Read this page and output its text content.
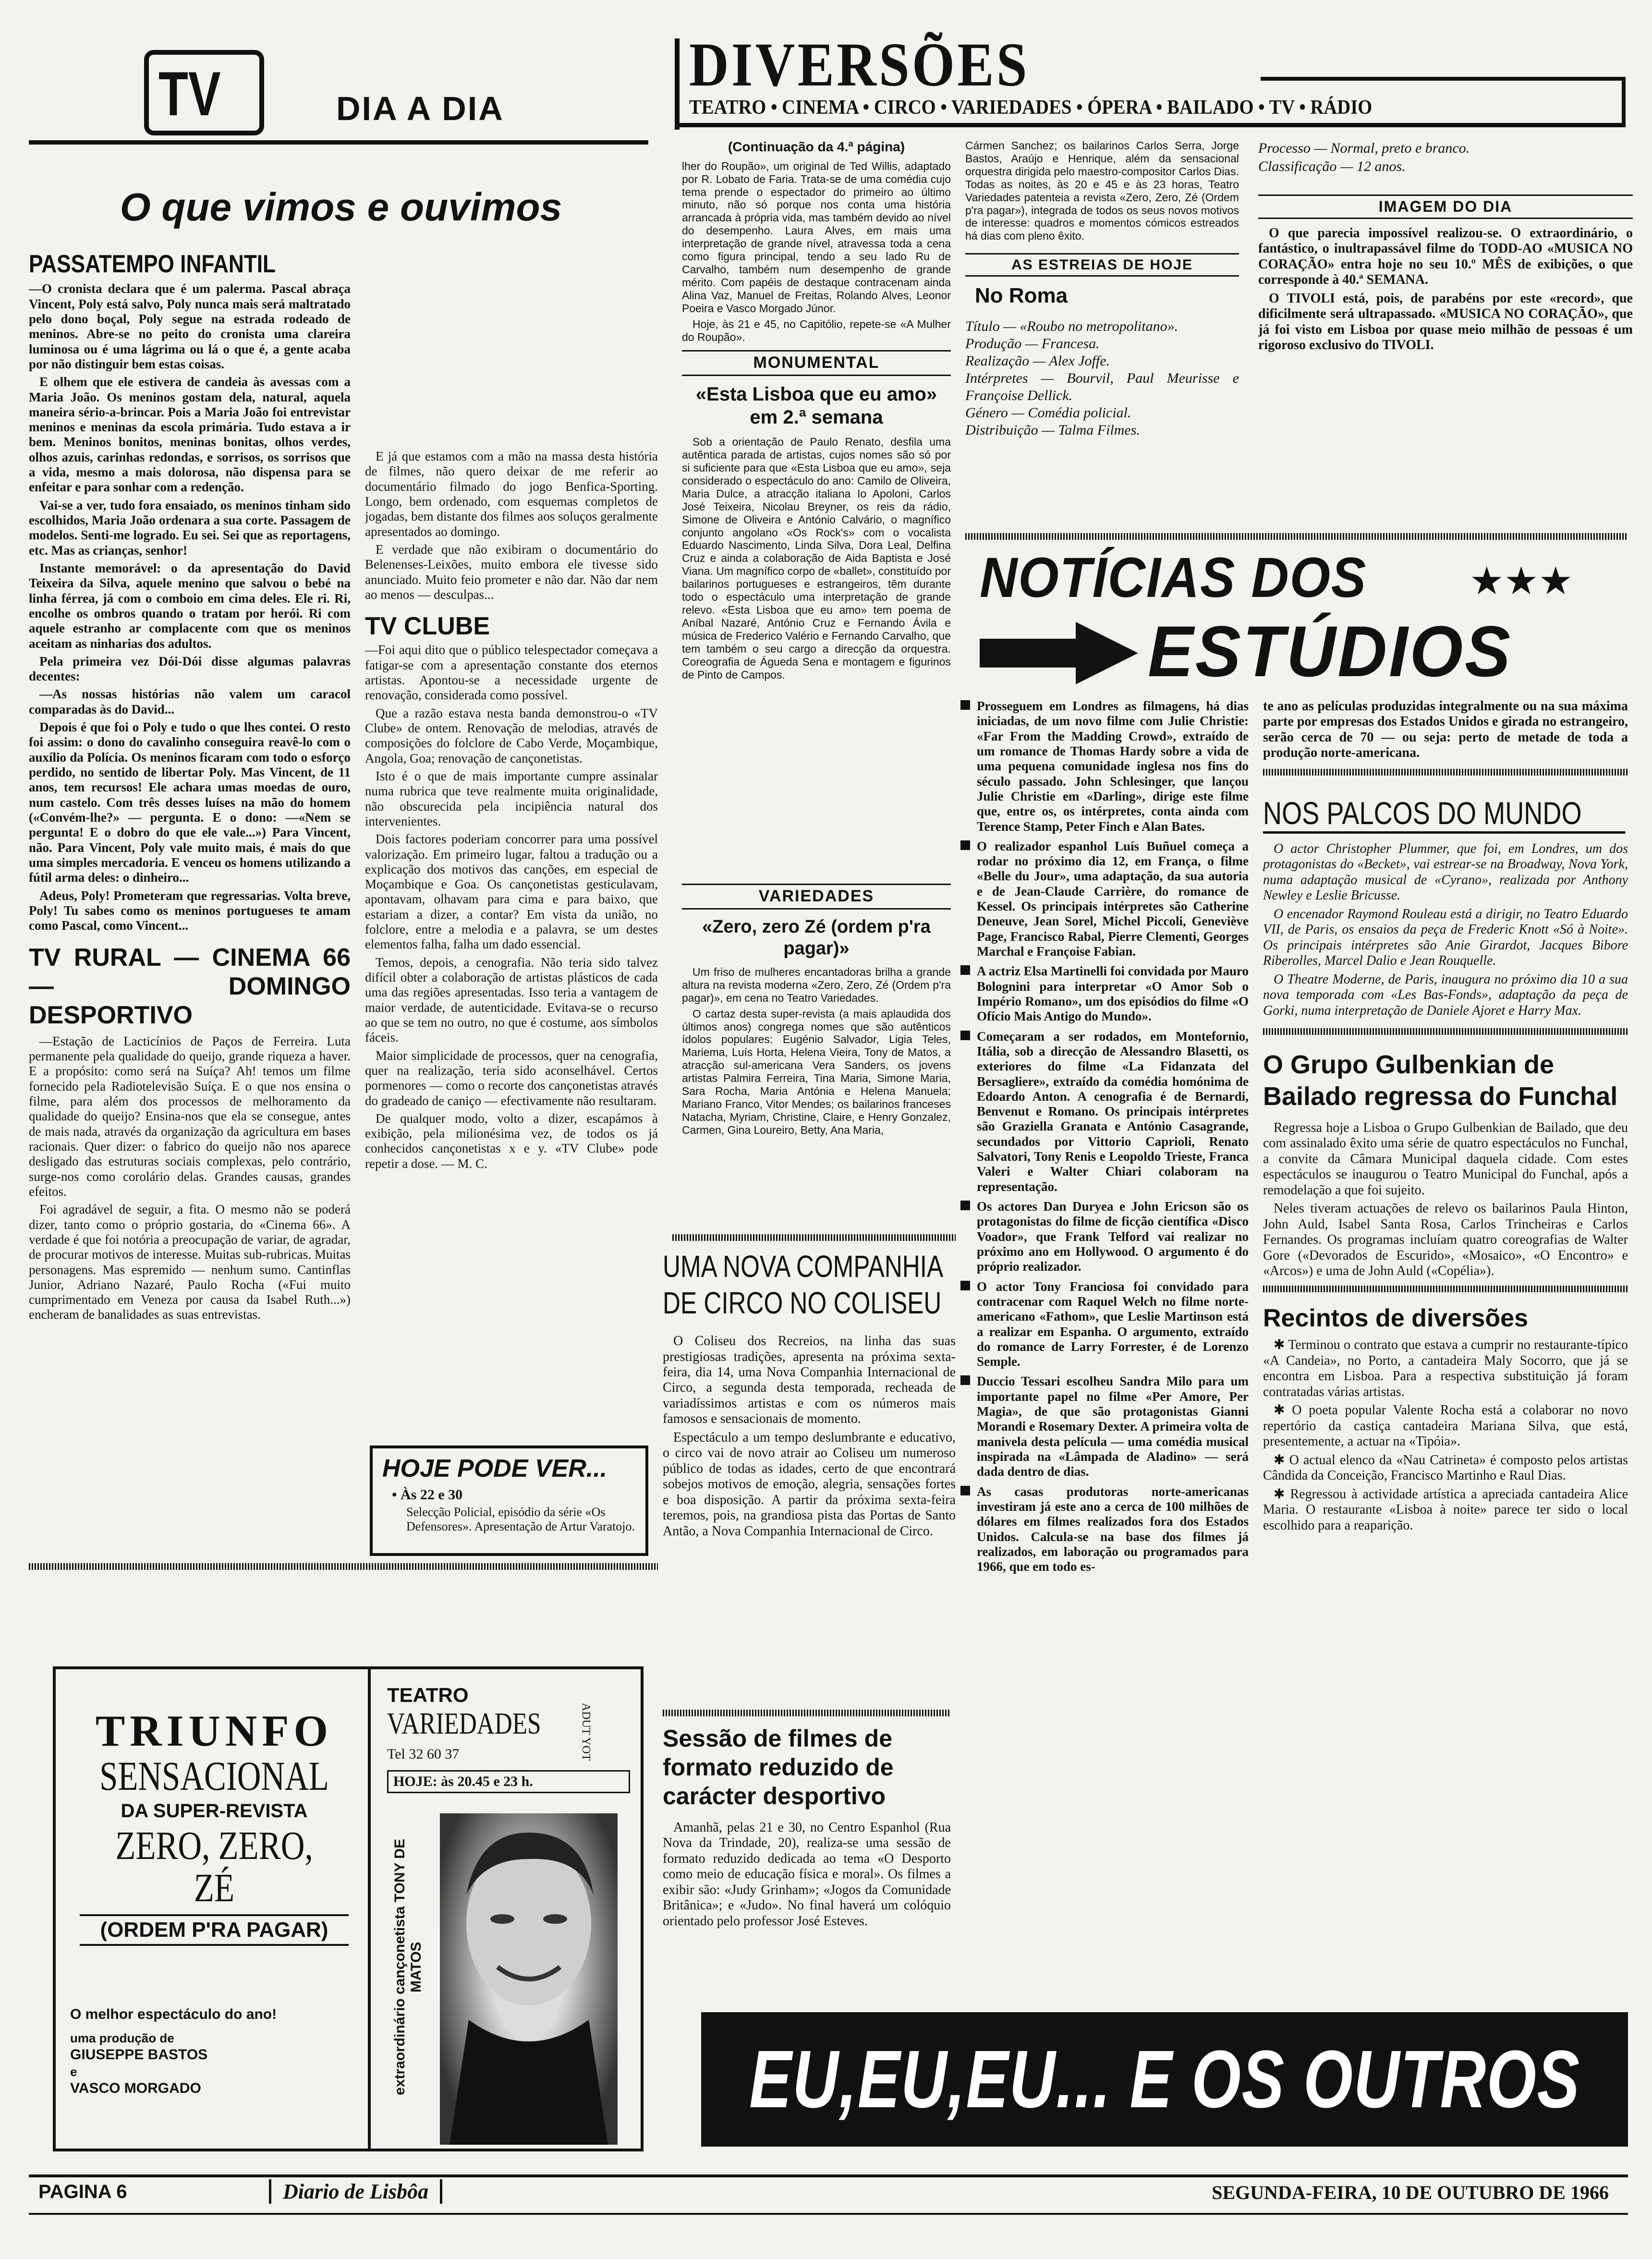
TV	DIA A DIA
O que vimos e ouvimos
PASSATEMPO INFANTIL

—O cronista declara que é um palerma. Pascal abraça Vincent, Poly está salvo, Poly nunca mais será maltratado pelo dono boçal, Poly segue na estrada rodeado de meninos. Abre-se no peito do cronista uma clareira luminosa ou é uma lágrima ou lá o que é, a gente acaba por não distinguir bem estas coisas.

E olhem que ele estivera de candeia às avessas com a Maria João. Os meninos gostam dela, natural, aquela maneira sério-a-brincar. Pois a Maria João foi entrevistar meninos e meninas da escola primária. Tudo estava a ir bem. Meninos bonitos, meninas bonitas, olhos verdes, olhos azuis, carinhas redondas, e sorrisos, os sorrisos que a vida, mesmo a mais dolorosa, não dispensa para se enfeitar e para sonhar com a redenção.

Vai-se a ver, tudo fora ensaiado, os meninos tinham sido escolhidos, Maria João ordenara a sua corte. Passagem de modelos. Senti-me logrado. Eu sei. Sei que as reportagens, etc. Mas as crianças, senhor!

Instante memorável: o da apresentação do David Teixeira da Silva, aquele menino que salvou o bebé na linha férrea, já com o comboio em cima deles. Ele ri. Ri, encolhe os ombros quando o tratam por herói. Ri com aquele estranho ar complacente com que os meninos aceitam as ninharias dos adultos.

Pela primeira vez Dói-Dói disse algumas palavras decentes:

—As nossas histórias não valem um caracol comparadas às do David...

Depois é que foi o Poly e tudo o que lhes contei. O resto foi assim: o dono do cavalinho conseguira reavê-lo com o auxílio da Polícia. Os meninos ficaram com todo o esforço perdido, no sentido de libertar Poly. Mas Vincent, de 11 anos, tem recursos! Ele achara umas moedas de ouro, num castelo. Com três desses luíses na mão do homem («Convém-lhe?» — pergunta. E o dono: —«Nem se pergunta! E o dobro do que ele vale...») Para Vincent, não. Para Vincent, Poly vale muito mais, é mais do que uma simples mercadoria. E venceu os homens utilizando a fútil arma deles: o dinheiro...

Adeus, Poly! Prometeram que regressarias. Volta breve, Poly! Tu sabes como os meninos portugueses te amam como Pascal, como Vincent...

TV RURAL — CINEMA 66 — DOMINGO DESPORTIVO

—Estação de Lacticínios de Paços de Ferreira. Luta permanente pela qualidade do queijo, grande riqueza a haver. E a propósito: como será na Suíça? Ah! temos um filme fornecido pela Radiotelevisão Suíça. E o que nos ensina o filme, para além dos processos de melhoramento da qualidade do queijo? Ensina-nos que ela se consegue, antes de mais nada, através da organização da agricultura em bases racionais. Quer dizer: o fabrico do queijo não nos aparece desligado das estruturas sociais complexas, pelo contrário, surge-nos como corolário delas. Grandes causas, grandes efeitos.

Foi agradável de seguir, a fita. O mesmo não se poderá dizer, tanto como o próprio gostaria, do «Cinema 66». A verdade é que foi notória a preocupação de variar, de agradar, de procurar motivos de interesse. Muitas sub-rubricas. Muitas personagens. Mas espremido — nenhum sumo. Cantinflas Junior, Adriano Nazaré, Paulo Rocha («Fui muito cumprimentado em Veneza por causa da Isabel Ruth...») encheram de banalidades as suas entrevistas.

E já que estamos com a mão na massa desta história de filmes, não quero deixar de me referir ao documentário filmado do jogo Benfica-Sporting. Longo, bem ordenado, com esquemas completos de jogadas, bem distante dos filmes aos soluços geralmente apresentados ao domingo.

E verdade que não exibiram o documentário do Belenenses-Leixões, muito embora ele tivesse sido anunciado. Muito feio prometer e não dar. Não dar nem ao menos — desculpas...

TV CLUBE

—Foi aqui dito que o público telespectador começava a fatigar-se com a apresentação constante dos eternos artistas. Apontou-se a necessidade urgente de renovação, considerada como possível.

Que a razão estava nesta banda demonstrou-o «TV Clube» de ontem. Renovação de melodias, através de composições do folclore de Cabo Verde, Moçambique, Angola, Goa; renovação de cançonetistas.

Isto é o que de mais importante cumpre assinalar numa rubrica que teve realmente muita originalidade, não obscurecida pela incipiência natural dos intervenientes.

Dois factores poderiam concorrer para uma possível valorização. Em primeiro lugar, faltou a tradução ou a explicação dos motivos das canções, em especial de Moçambique e Goa. Os cançonetistas gesticulavam, apontavam, olhavam para cima e para baixo, que estariam a dizer, a contar? Em vista da união, no folclore, entre a melodia e a palavra, se um destes elementos falha, falha um dado essencial.

Temos, depois, a cenografia. Não teria sido talvez difícil obter a colaboração de artistas plásticos de cada uma das regiões apresentadas. Isso teria a vantagem de maior verdade, de autenticidade. Evitava-se o recurso ao que se tem no outro, no que é costume, aos símbolos fáceis.

Maior simplicidade de processos, quer na cenografia, quer na realização, teria sido aconselhável. Certos pormenores — como o recorte dos cançonetistas através do gradeado de caniço — efectivamente não resultaram.

De qualquer modo, volto a dizer, escapámos à exibição, pela milionésima vez, de todos os já conhecidos cançonetistas x e y. «TV Clube» pode repetir a dose. — M. C.

HOJE PODE VER...
• Às 22 e 30
Selecção Policial, episódio da série «Os Defensores». Apresentação de Artur Varatojo.
TRIUNFO
SENSACIONAL
DA SUPER-REVISTA
ZERO, ZERO, ZÉ
(ORDEM P'RA PAGAR)
O melhor espectáculo do ano!
uma produção de
GIUSEPPE BASTOS
e
VASCO MORGADO
TEATRO
VARIEDADES
Tel 32 60 37
HOJE: às 20.45 e 23 h.
ADUT YOT
extraordinário cançonetista TONY DE MATOS
DIVERSÕES
TEATRO • CINEMA • CIRCO • VARIEDADES • ÓPERA • BAILADO • TV • RÁDIO
(Continuação da 4.ª página)

lher do Roupão», um original de Ted Willis, adaptado por R. Lobato de Faria. Trata-se de uma comédia cujo tema prende o espectador do primeiro ao último minuto, não só porque nos conta uma história arrancada à própria vida, mas também devido ao nível do desempenho. Laura Alves, em mais uma interpretação de grande nível, atravessa toda a cena como figura principal, tendo a seu lado Ru de Carvalho, também num desempenho de grande mérito. Com papéis de destaque contracenam ainda Alina Vaz, Manuel de Freitas, Rolando Alves, Leonor Poeira e Vasco Morgado Júnor.

Hoje, às 21 e 45, no Capitólio, repete-se «A Mulher do Roupão».

MONUMENTAL
«Esta Lisboa que eu amo» em 2.ª semana

Sob a orientação de Paulo Renato, desfila uma autêntica parada de artistas, cujos nomes são só por si suficiente para que «Esta Lisboa que eu amo», seja considerado o espectáculo do ano: Camilo de Oliveira, Maria Dulce, a atracção italiana Io Apoloni, Carlos José Teixeira, Nicolau Breyner, os reis da rádio, Simone de Oliveira e António Calvário, o magnífico conjunto angolano «Os Rock's» com o vocalista Eduardo Nascimento, Linda Silva, Dora Leal, Delfina Cruz e ainda a colaboração de Aida Baptista e José Viana. Um magnífico corpo de «ballet», constituído por bailarinos portugueses e estrangeiros, têm durante todo o espectáculo uma interpretação de grande relevo. «Esta Lisboa que eu amo» tem poema de Aníbal Nazaré, António Cruz e Fernando Ávila e música de Frederico Valério e Fernando Carvalho, que tem também o seu cargo a direcção da orquestra. Coreografia de Águeda Sena e montagem e figurinos de Pinto de Campos.

VARIEDADES
«Zero, zero Zé (ordem p'ra pagar)»

Um friso de mulheres encantadoras brilha a grande altura na revista moderna «Zero, Zero, Zé (Ordem p'ra pagar)», em cena no Teatro Variedades.

O cartaz desta super-revista (a mais aplaudida dos últimos anos) congrega nomes que são autênticos ídolos populares: Eugénio Salvador, Ligia Teles, Mariema, Luís Horta, Helena Vieira, Tony de Matos, a atracção sul-americana Vera Sanders, os jovens artistas Palmira Ferreira, Tina Maria, Simone Maria, Sara Rocha, Maria Antónia e Helena Manuela; Mariano Franco, Vitor Mendes; os bailarinos franceses Natacha, Myriam, Christine, Claire, e Henry Gonzalez, Carmen, Gina Loureiro, Betty, Ana Maria,

UMA NOVA COMPANHIA DE CIRCO NO COLISEU

O Coliseu dos Recreios, na linha das suas prestigiosas tradições, apresenta na próxima sexta-feira, dia 14, uma Nova Companhia Internacional de Circo, a segunda desta temporada, recheada de variadíssimos artistas e com os números mais famosos e sensacionais de momento.

Espectáculo a um tempo deslumbrante e educativo, o circo vai de novo atrair ao Coliseu um numeroso público de todas as idades, certo de que encontrará sobejos motivos de emoção, alegria, sensações fortes e boa disposição. A partir da próxima sexta-feira teremos, pois, na grandiosa pista das Portas de Santo Antão, a Nova Companhia Internacional de Circo.

Sessão de filmes de formato reduzido de carácter desportivo

Amanhã, pelas 21 e 30, no Centro Espanhol (Rua Nova da Trindade, 20), realiza-se uma sessão de formato reduzido dedicada ao tema «O Desporto como meio de educação física e moral». Os filmes a exibir são: «Judy Grinham»; «Jogos da Comunidade Britânica»; e «Judo». No final haverá um colóquio orientado pelo professor José Esteves.

Cármen Sanchez; os bailarinos Carlos Serra, Jorge Bastos, Araújo e Henrique, além da sensacional orquestra dirigida pelo maestro-compositor Carlos Dias. Todas as noites, às 20 e 45 e às 23 horas, Teatro Variedades patenteia a revista «Zero, Zero, Zé (Ordem p'ra pagar»), integrada de todos os seus novos motivos de interesse: quadros e momentos cómicos estreados há dias com pleno êxito.

AS ESTREIAS DE HOJE
No Roma
Título — «Roubo no metropolitano».
Produção — Francesa.
Realização — Alex Joffe.
Intérpretes — Bourvil, Paul Meurisse e Françoise Dellick.
Género — Comédia policial.
Distribuição — Talma Filmes.
Processo — Normal, preto e branco.
Classificação — 12 anos.
IMAGEM DO DIA

O que parecia impossível realizou-se. O extraordinário, o fantástico, o inultrapassável filme do TODD-AO «MUSICA NO CORAÇÃO» entra hoje no seu 10.º MÊS de exibições, o que corresponde à 40.ª SEMANA.

O TIVOLI está, pois, de parabéns por este «record», que dificilmente será ultrapassado. «MUSICA NO CORAÇÃO», que já foi visto em Lisboa por quase meio milhão de pessoas é um rigoroso exclusivo do TIVOLI.

NOTÍCIAS DOS	★★★
ESTÚDIOS

Prosseguem em Londres as filmagens, há dias iniciadas, de um novo filme com Julie Christie: «Far From the Madding Crowd», extraído de um romance de Thomas Hardy sobre a vida de uma pequena comunidade inglesa nos fins do século passado. John Schlesinger, que lançou Julie Christie em «Darling», dirige este filme que, entre os, os intérpretes, conta ainda com Terence Stamp, Peter Finch e Alan Bates.

O realizador espanhol Luís Buñuel começa a rodar no próximo dia 12, em França, o filme «Belle du Jour», uma adaptação, da sua autoria e de Jean-Claude Carrière, do romance de Kessel. Os principais intérpretes são Catherine Deneuve, Jean Sorel, Michel Piccoli, Geneviève Page, Francisco Rabal, Pierre Clementi, Georges Marchal e Françoise Fabian.

A actriz Elsa Martinelli foi convidada por Mauro Bolognini para interpretar «O Amor Sob o Império Romano», um dos episódios do filme «O Ofício Mais Antigo do Mundo».

Começaram a ser rodados, em Montefornio, Itália, sob a direcção de Alessandro Blasetti, os exteriores do filme «La Fidanzata del Bersagliere», extraído da comédia homónima de Edoardo Anton. A cenografia é de Bernardi, Benvenut e Romano. Os principais intérpretes são Graziella Granata e António Casagrande, secundados por Vittorio Caprioli, Renato Salvatori, Tony Renis e Leopoldo Trieste, Franca Valeri e Walter Chiari colaboram na representação.

Os actores Dan Duryea e John Ericson são os protagonistas do filme de ficção científica «Disco Voador», que Frank Telford vai realizar no próximo ano em Hollywood. O argumento é do próprio realizador.

O actor Tony Franciosa foi convidado para contracenar com Raquel Welch no filme norte-americano «Fathom», que Leslie Martinson está a realizar em Espanha. O argumento, extraído do romance de Larry Forrester, é de Lorenzo Semple.

Duccio Tessari escolheu Sandra Milo para um importante papel no filme «Per Amore, Per Magia», de que são protagonistas Gianni Morandi e Rosemary Dexter. A primeira volta de manivela desta película — uma comédia musical inspirada na «Lâmpada de Aladino» — será dada dentro de dias.

As casas produtoras norte-americanas investiram já este ano a cerca de 100 milhões de dólares em filmes realizados fora dos Estados Unidos. Calcula-se na base dos filmes já realizados, em laboração ou programados para 1966, que em todo es-

te ano as películas produzidas integralmente ou na sua máxima parte por empresas dos Estados Unidos e girada no estrangeiro, serão cerca de 70 — ou seja: perto de metade de toda a produção norte-americana.

NOS PALCOS DO MUNDO

O actor Christopher Plummer, que foi, em Londres, um dos protagonistas do «Becket», vai estrear-se na Broadway, Nova York, numa adaptação musical de «Cyrano», realizada por Anthony Newley e Leslie Bricusse.

O encenador Raymond Rouleau está a dirigir, no Teatro Eduardo VII, de Paris, os ensaios da peça de Frederic Knott «Só à Noite». Os principais intérpretes são Anie Girardot, Jacques Bibore Riberolles, Marcel Dalio e Jean Rouquelle.

O Theatre Moderne, de Paris, inaugura no próximo dia 10 a sua nova temporada com «Les Bas-Fonds», adaptação da peça de Gorki, numa interpretação de Daniele Ajoret e Harry Max.

O Grupo Gulbenkian de Bailado regressa do Funchal

Regressa hoje a Lisboa o Grupo Gulbenkian de Bailado, que deu com assinalado êxito uma série de quatro espectáculos no Funchal, a convite da Câmara Municipal daquela cidade. Com estes espectáculos se inaugurou o Teatro Municipal do Funchal, após a remodelação a que foi sujeito.

Neles tiveram actuações de relevo os bailarinos Paula Hinton, John Auld, Isabel Santa Rosa, Carlos Trincheiras e Carlos Fernandes. Os programas incluíam quatro coreografias de Walter Gore («Devorados de Escurido», «Mosaico», «O Encontro» e «Arcos») e uma de John Auld («Copélia»).

Recintos de diversões

✱ Terminou o contrato que estava a cumprir no restaurante-típico «A Candeia», no Porto, a cantadeira Maly Socorro, que já se encontra em Lisboa. Para a respectiva substituição já foram contratadas várias artistas.

✱ O poeta popular Valente Rocha está a colaborar no novo repertório da castiça cantadeira Mariana Silva, que está, presentemente, a actuar na «Tipóia».

✱ O actual elenco da «Nau Catrineta» é composto pelos artistas Cândida da Conceição, Francisco Martinho e Raul Dias.

✱ Regressou à actividade artística a apreciada cantadeira Alice Maria. O restaurante «Lisboa à noite» parece ter sido o local escolhido para a reaparição.

EU,EU,EU... E OS OUTROS
PAGINA 6	Diario de Lisbôa	SEGUNDA-FEIRA, 10 DE OUTUBRO DE 1966
